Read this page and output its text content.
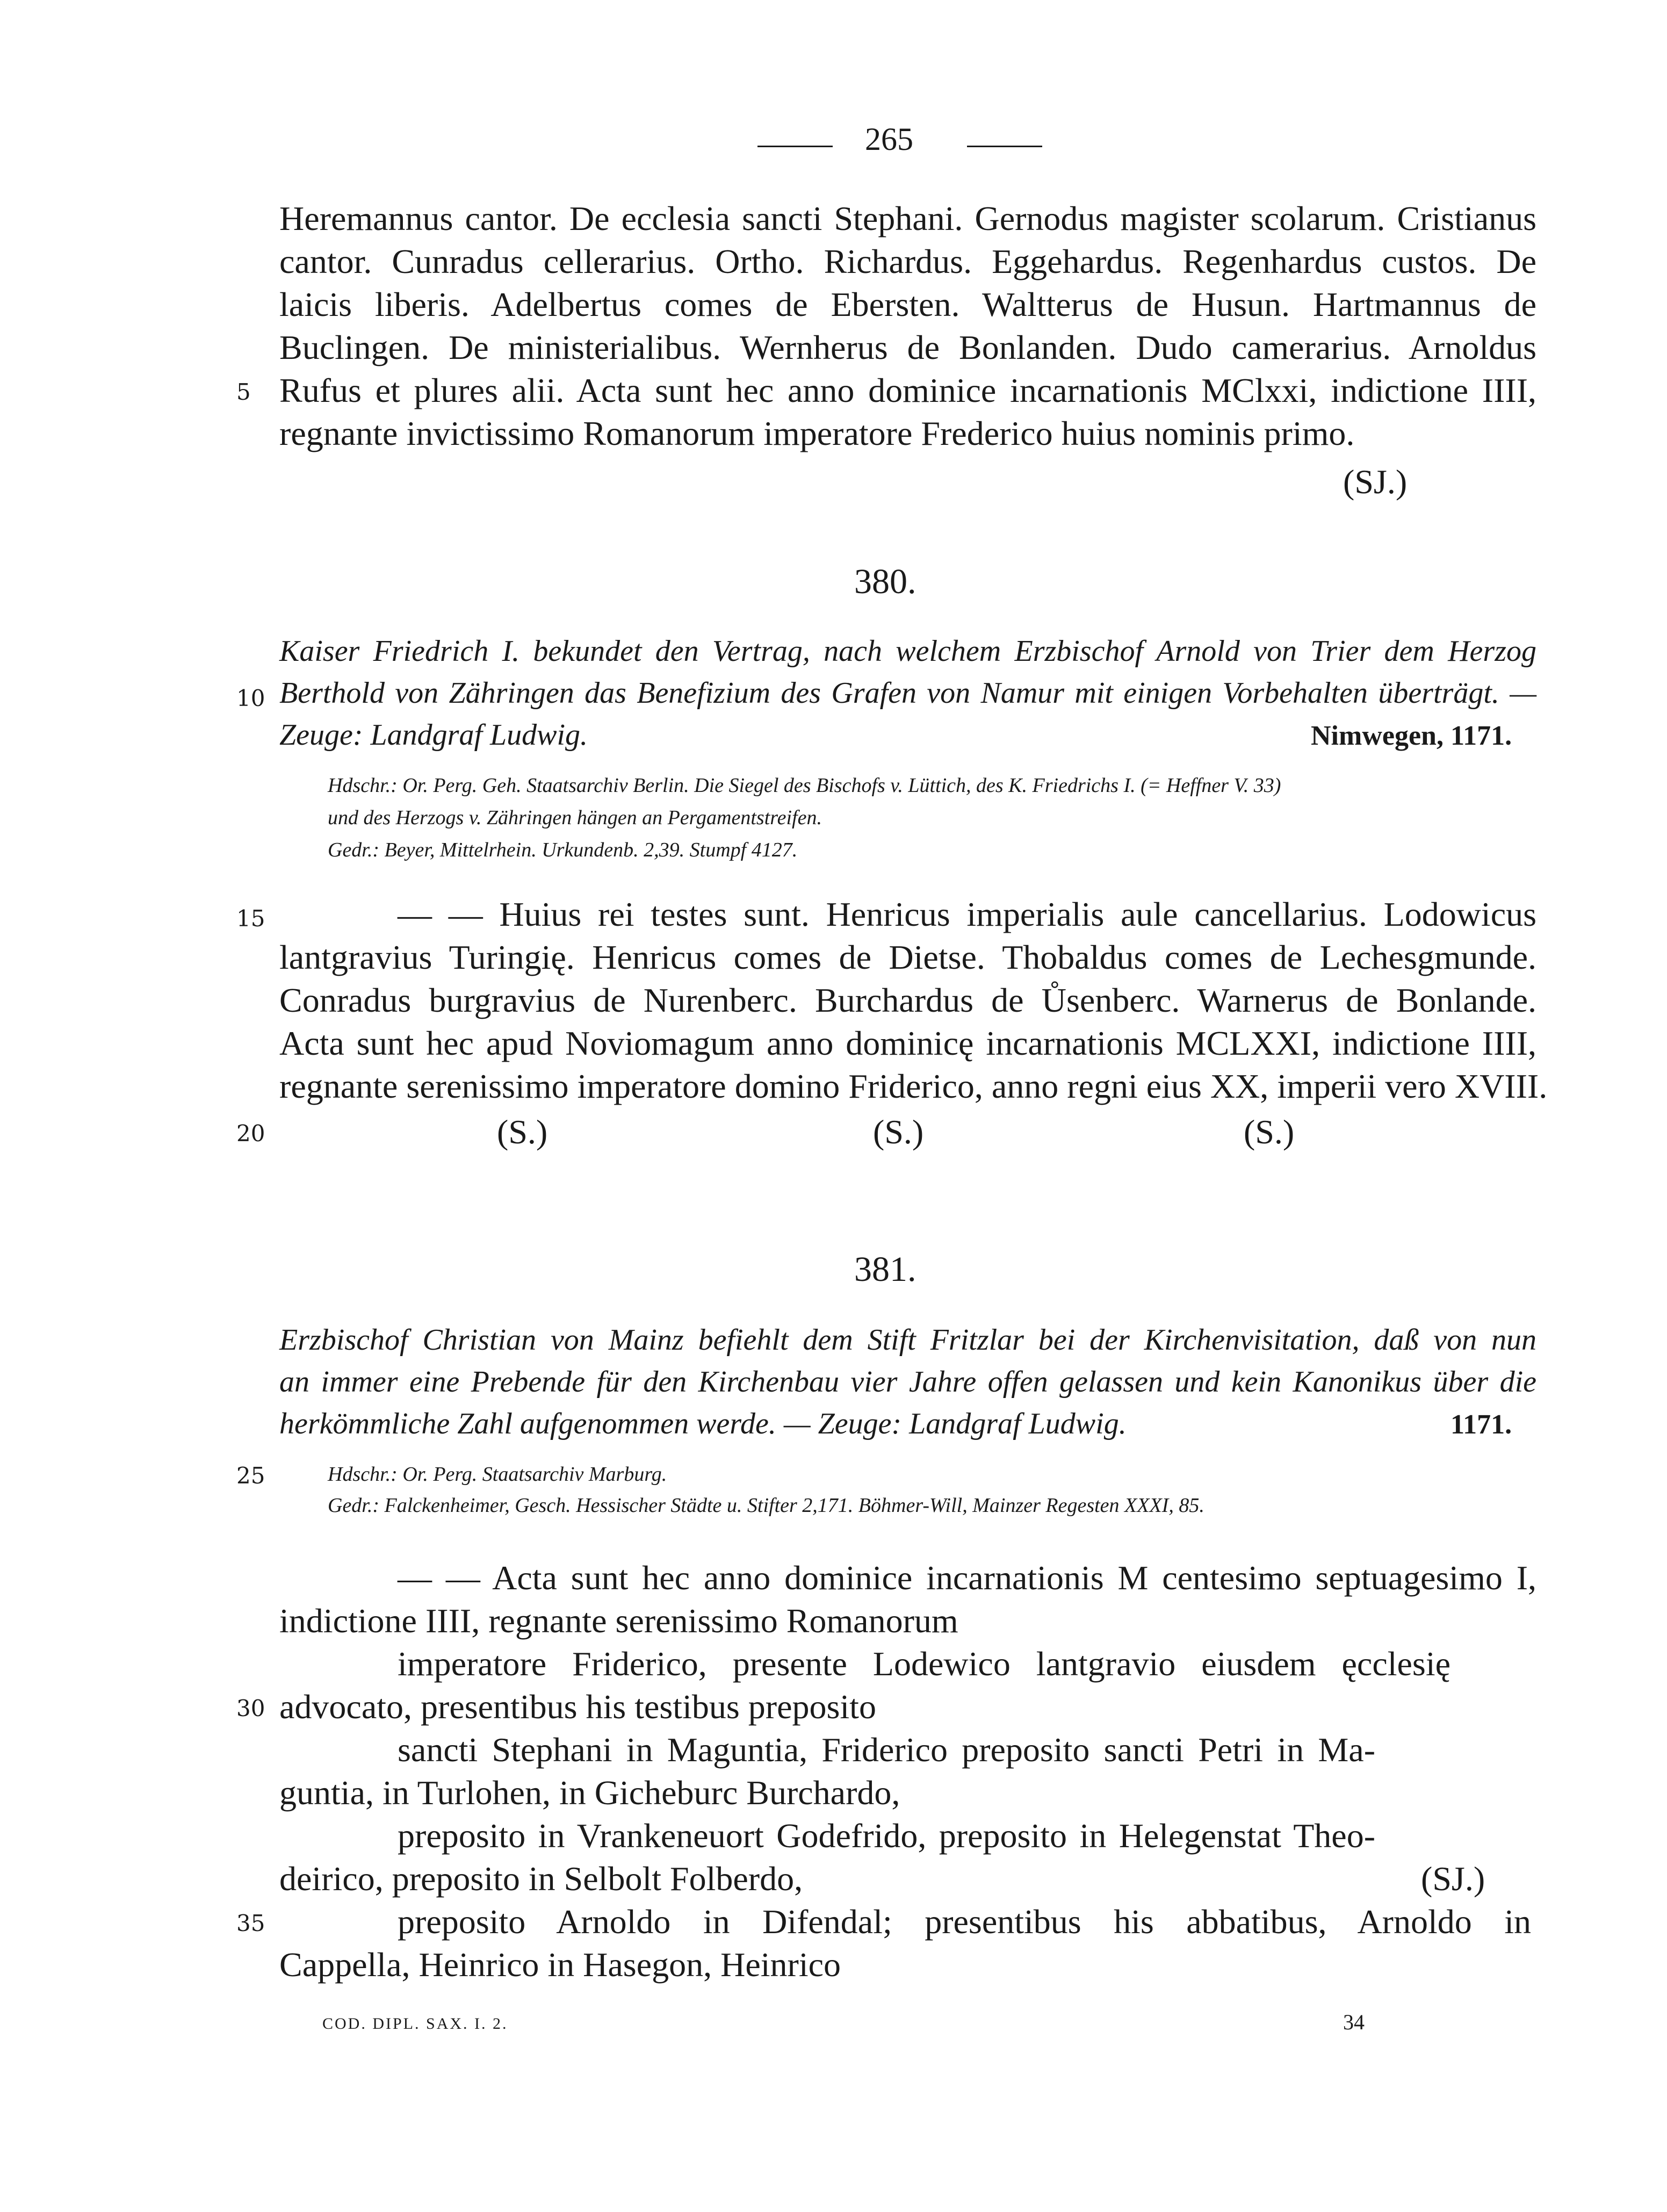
265
Heremannus cantor. De ecclesia sancti Stephani. Gernodus magister scolarum. Cristianus
cantor. Cunradus cellerarius. Ortho. Richardus. Eggehardus. Regenhardus custos. De
laicis liberis. Adelbertus comes de Ebersten. Waltterus de Husun. Hartmannus de
Buclingen. De ministerialibus. Wernherus de Bonlanden. Dudo camerarius. Arnoldus
5 Rufus et plures alii. Acta sunt hec anno dominice incarnationis MClxxi, indictione IIII,
regnante invictissimo Romanorum imperatore Frederico huius nominis primo.
(SJ.)
380.
Kaiser Friedrich I. bekundet den Vertrag, nach welchem Erzbischof Arnold von Trier dem Herzog
10 Berthold von Zähringen das Benefizium des Grafen von Namur mit einigen Vorbehalten überträgt. —
Zeuge: Landgraf Ludwig.	Nimwegen, 1171.
Hdschr.: Or. Perg. Geh. Staatsarchiv Berlin. Die Siegel des Bischofs v. Lüttich, des K. Friedrichs I. (= Heffner V. 33)
und des Herzogs v. Zähringen hängen an Pergamentstreifen.
Gedr.: Beyer, Mittelrhein. Urkundenb. 2,39. Stumpf 4127.
15	— — Huius rei testes sunt. Henricus imperialis aule cancellarius. Lodowicus
lantgravius Turingię. Henricus comes de Dietse. Thobaldus comes de Lechesgmunde.
Conradus burgravius de Nurenberc. Burchardus de Ůsenberc. Warnerus de Bonlande.
Acta sunt hec apud Noviomagum anno dominicę incarnationis MCLXXI, indictione IIII,
regnante serenissimo imperatore domino Friderico, anno regni eius XX, imperii vero XVIII.
20	(S.)	(S.)	(S.)
381.
Erzbischof Christian von Mainz befiehlt dem Stift Fritzlar bei der Kirchenvisitation, daß von nun
an immer eine Prebende für den Kirchenbau vier Jahre offen gelassen und kein Kanonikus über die
herkömmliche Zahl aufgenommen werde. — Zeuge: Landgraf Ludwig.	1171.
25	Hdschr.: Or. Perg. Staatsarchiv Marburg.
Gedr.: Falckenheimer, Gesch. Hessischer Städte u. Stifter 2,171. Böhmer-Will, Mainzer Regesten XXXI, 85.
— — Acta sunt hec anno dominice incarnationis M centesimo septuagesimo I,
indictione IIII, regnante serenissimo Romanorum
imperatore Friderico, presente Lodewico lantgravio eiusdem ęcclesię
30 advocato, presentibus his testibus preposito
sancti Stephani in Maguntia, Friderico preposito sancti Petri in Ma-
guntia, in Turlohen, in Gicheburc Burchardo,
preposito in Vrankeneuort Godefrido, preposito in Helegenstat Theo-
deirico, preposito in Selbolt Folberdo,	(SJ.)
35	preposito Arnoldo in Difendal; presentibus his abbatibus, Arnoldo in
Cappella, Heinrico in Hasegon, Heinrico
COD. DIPL. SAX. I. 2.	34
